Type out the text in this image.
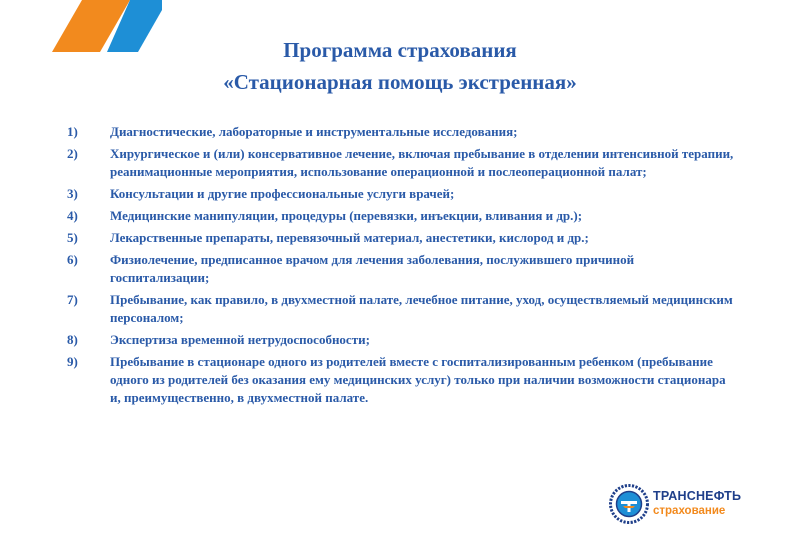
Программа страхования
«Стационарная помощь экстренная»
1) Диагностические, лабораторные и инструментальные исследования;
2) Хирургическое и (или) консервативное лечение, включая пребывание в отделении интенсивной терапии, реанимационные мероприятия, использование операционной и послеоперационной палат;
3) Консультации и другие профессиональные услуги врачей;
4) Медицинские манипуляции, процедуры (перевязки, инъекции, вливания и др.);
5) Лекарственные препараты, перевязочный материал, анестетики, кислород и др.;
6) Физиолечение, предписанное врачом для лечения заболевания, послужившего причиной госпитализации;
7) Пребывание, как правило, в двухместной палате, лечебное питание, уход, осуществляемый медицинским персоналом;
8) Экспертиза временной нетрудоспособности;
9) Пребывание в стационаре одного из родителей вместе с госпитализированным ребенком (пребывание одного из родителей без оказания ему медицинских услуг) только при наличии возможности стационара и, преимущественно, в двухместной палате.
ТРАНСНЕФТЬ
страхование
